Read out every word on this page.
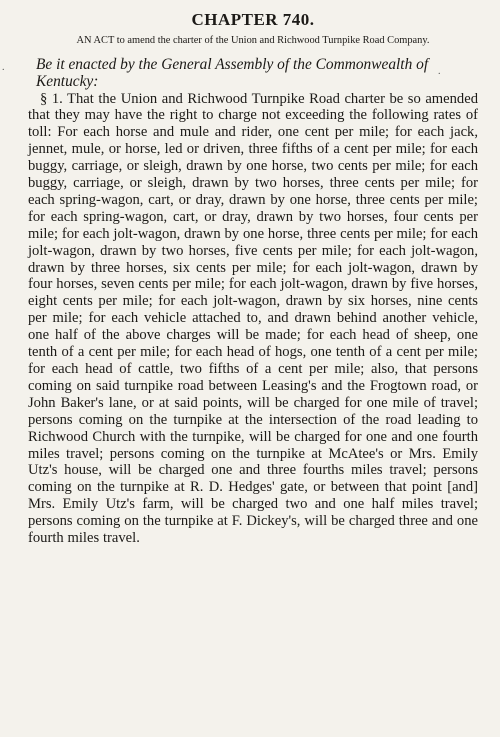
.	.
CHAPTER 740.

AN ACT to amend the charter of the Union and Richwood Turnpike Road Company.

Be it enacted by the General Assembly of the Commonwealth of Kentucky:

§ 1. That the Union and Richwood Turnpike Road charter be so amended that they may have the right to charge not exceeding the following rates of toll: For each horse and mule and rider, one cent per mile; for each jack, jennet, mule, or horse, led or driven, three fifths of a cent per mile; for each buggy, carriage, or sleigh, drawn by one horse, two cents per mile; for each buggy, carriage, or sleigh, drawn by two horses, three cents per mile; for each spring-wagon, cart, or dray, drawn by one horse, three cents per mile; for each spring-wagon, cart, or dray, drawn by two horses, four cents per mile; for each jolt-wagon, drawn by one horse, three cents per mile; for each jolt-wagon, drawn by two horses, five cents per mile; for each jolt-wagon, drawn by three horses, six cents per mile; for each jolt-wagon, drawn by four horses, seven cents per mile; for each jolt-wagon, drawn by five horses, eight cents per mile; for each jolt-wagon, drawn by six horses, nine cents per mile; for each vehicle attached to, and drawn behind another vehicle, one half of the above charges will be made; for each head of sheep, one tenth of a cent per mile; for each head of hogs, one tenth of a cent per mile; for each head of cattle, two fifths of a cent per mile; also, that persons coming on said turnpike road between Leasing's and the Frogtown road, or John Baker's lane, or at said points, will be charged for one mile of travel; persons coming on the turnpike at the intersection of the road leading to Richwood Church with the turnpike, will be charged for one and one fourth miles travel; persons coming on the turnpike at McAtee's or Mrs. Emily Utz's house, will be charged one and three fourths miles travel; persons coming on the turnpike at R. D. Hedges' gate, or between that point [and] Mrs. Emily Utz's farm, will be charged two and one half miles travel; persons coming on the turnpike at F. Dickey's, will be charged three and one fourth miles travel.
